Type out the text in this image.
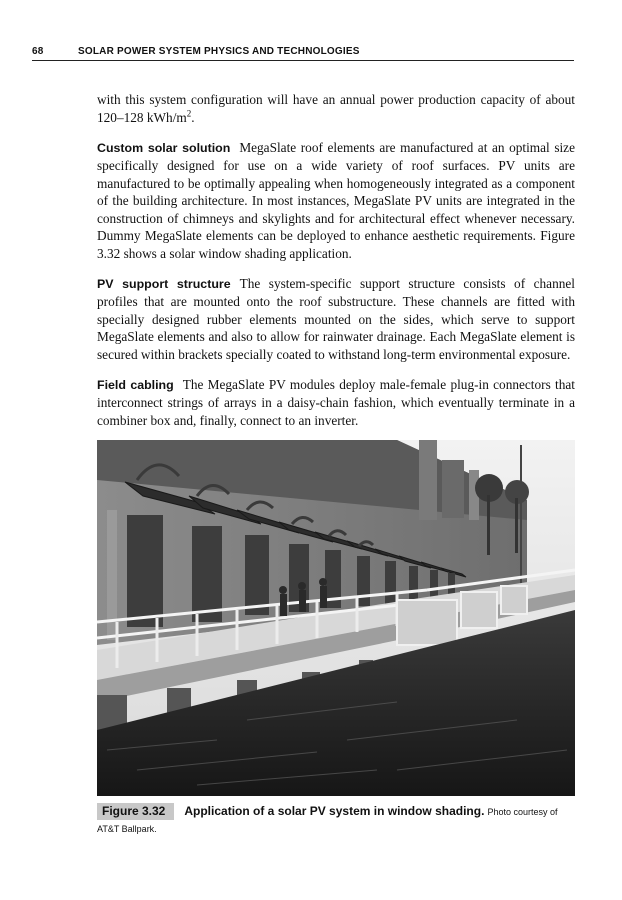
68	SOLAR POWER SYSTEM PHYSICS AND TECHNOLOGIES

with this system configuration will have an annual power production capacity of about 120–128 kWh/$m^2$.

Custom solar solution MegaSlate roof elements are manufactured at an optimal size specifically designed for use on a wide variety of roof surfaces. PV units are manufactured to be optimally appealing when homogeneously integrated as a component of the building architecture. In most instances, MegaSlate PV units are integrated in the construction of chimneys and skylights and for architectural effect whenever necessary. Dummy MegaSlate elements can be deployed to enhance aesthetic requirements. Figure 3.32 shows a solar window shading application.

PV support structure The system-specific support structure consists of channel profiles that are mounted onto the roof substructure. These channels are fitted with specially designed rubber elements mounted on the sides, which serve to support MegaSlate elements and also to allow for rainwater drainage. Each MegaSlate element is secured within brackets specially coated to withstand long-term environmental exposure.

Field cabling The MegaSlate PV modules deploy male-female plug-in connectors that interconnect strings of arrays in a daisy-chain fashion, which eventually terminate in a combiner box and, finally, connect to an inverter.

Figure 3.32 Application of a solar PV system in window shading. Photo courtesy of AT&T Ballpark.
